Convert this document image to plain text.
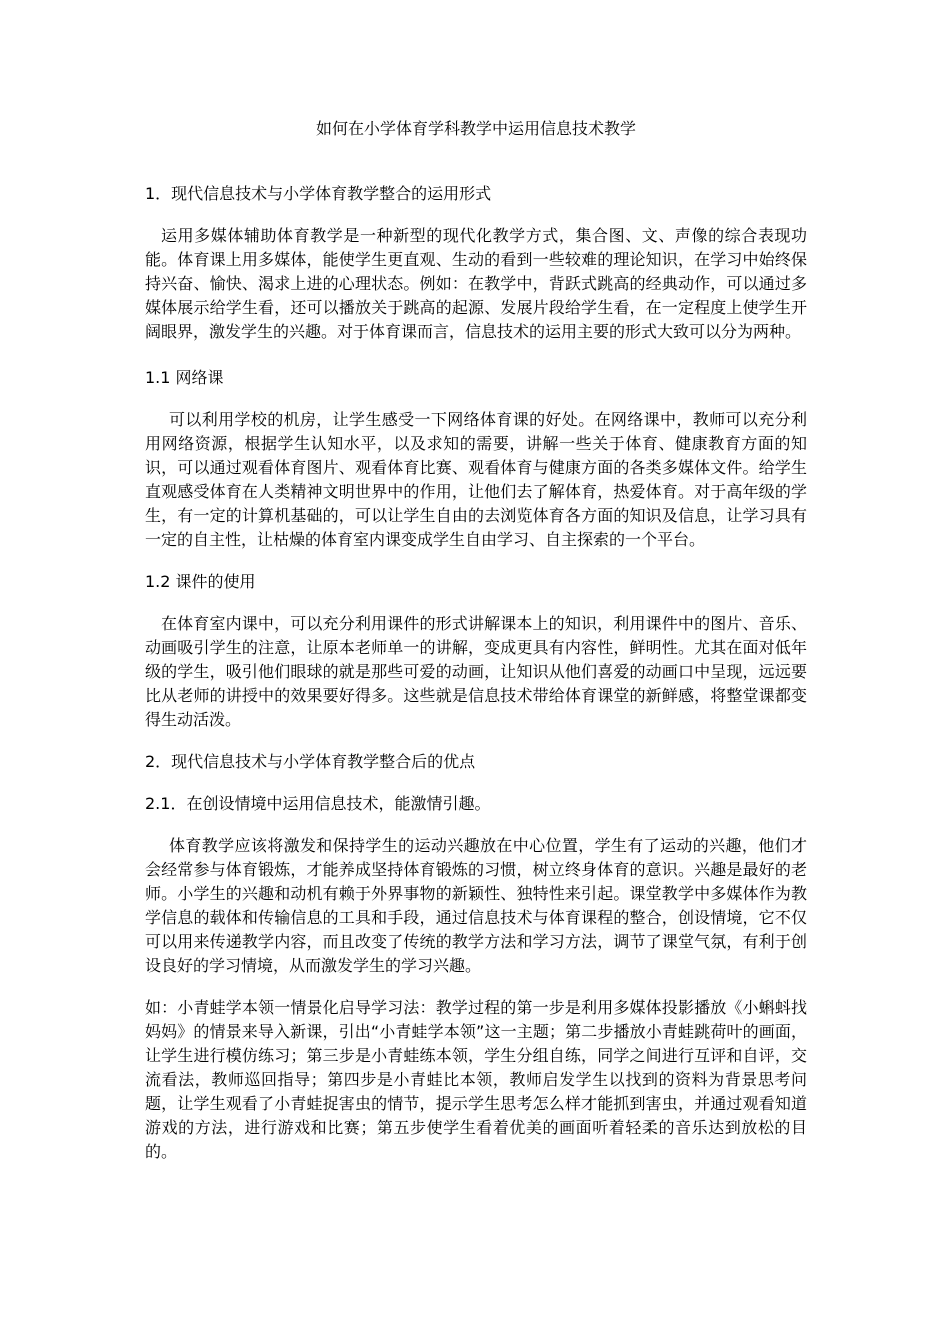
如何在小学体育学科教学中运用信息技术教学
1．现代信息技术与小学体育教学整合的运用形式

运用多媒体辅助体育教学是一种新型的现代化教学方式，集合图、文、声像的综合表现功能。体育课上用多媒体，能使学生更直观、生动的看到一些较难的理论知识，在学习中始终保持兴奋、愉快、渴求上进的心理状态。例如：在教学中，背跃式跳高的经典动作，可以通过多媒体展示给学生看，还可以播放关于跳高的起源、发展片段给学生看，在一定程度上使学生开阔眼界，激发学生的兴趣。对于体育课而言，信息技术的运用主要的形式大致可以分为两种。

1.1 网络课

可以利用学校的机房，让学生感受一下网络体育课的好处。在网络课中，教师可以充分利用网络资源，根据学生认知水平，以及求知的需要，讲解一些关于体育、健康教育方面的知识，可以通过观看体育图片、观看体育比赛、观看体育与健康方面的各类多媒体文件。给学生直观感受体育在人类精神文明世界中的作用，让他们去了解体育，热爱体育。对于高年级的学生，有一定的计算机基础的，可以让学生自由的去浏览体育各方面的知识及信息，让学习具有一定的自主性，让枯燥的体育室内课变成学生自由学习、自主探索的一个平台。

1.2 课件的使用

在体育室内课中，可以充分利用课件的形式讲解课本上的知识，利用课件中的图片、音乐、动画吸引学生的注意，让原本老师单一的讲解，变成更具有内容性，鲜明性。尤其在面对低年级的学生，吸引他们眼球的就是那些可爱的动画，让知识从他们喜爱的动画口中呈现，远远要比从老师的讲授中的效果要好得多。这些就是信息技术带给体育课堂的新鲜感，将整堂课都变得生动活泼。

2．现代信息技术与小学体育教学整合后的优点
2.1．在创设情境中运用信息技术，能激情引趣。

体育教学应该将激发和保持学生的运动兴趣放在中心位置，学生有了运动的兴趣，他们才会经常参与体育锻炼，才能养成坚持体育锻炼的习惯，树立终身体育的意识。兴趣是最好的老师。小学生的兴趣和动机有赖于外界事物的新颖性、独特性来引起。课堂教学中多媒体作为教学信息的载体和传输信息的工具和手段，通过信息技术与体育课程的整合，创设情境，它不仅可以用来传递教学内容，而且改变了传统的教学方法和学习方法，调节了课堂气氛，有利于创设良好的学习情境，从而激发学生的学习兴趣。

如：小青蛙学本领一情景化启导学习法：教学过程的第一步是利用多媒体投影播放《小蝌蚪找妈妈》的情景来导入新课，引出“小青蛙学本领”这一主题；第二步播放小青蛙跳荷叶的画面，让学生进行模仿练习；第三步是小青蛙练本领，学生分组自练，同学之间进行互评和自评，交流看法，教师巡回指导；第四步是小青蛙比本领，教师启发学生以找到的资料为背景思考问题，让学生观看了小青蛙捉害虫的情节，提示学生思考怎么样才能抓到害虫，并通过观看知道游戏的方法，进行游戏和比赛；第五步使学生看着优美的画面听着轻柔的音乐达到放松的目的。
